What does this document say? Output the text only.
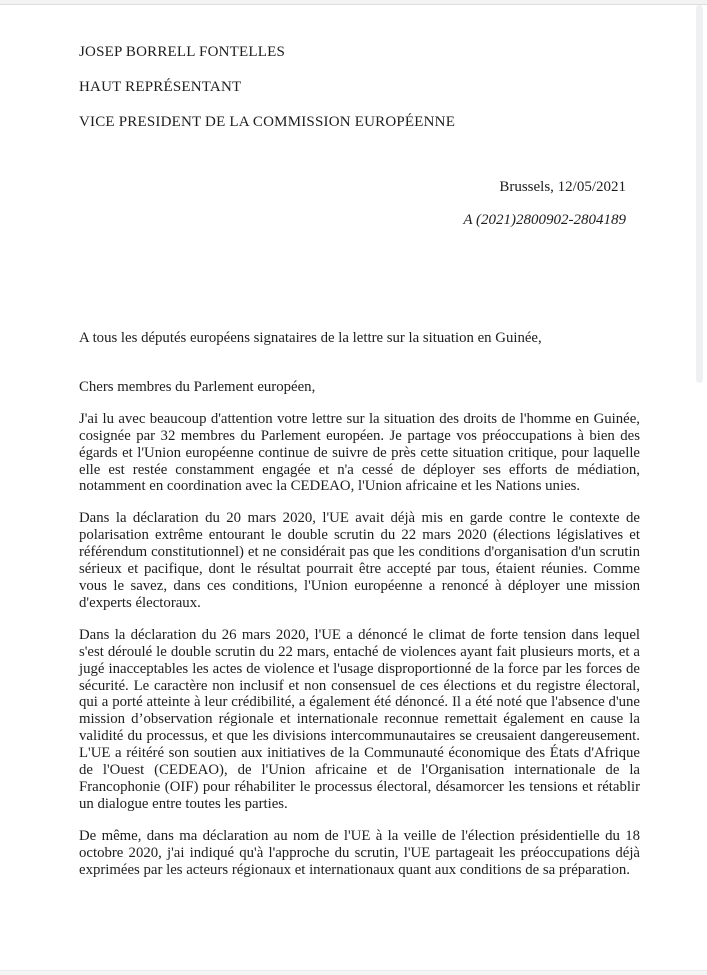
JOSEP BORRELL FONTELLES
HAUT REPRÉSENTANT
VICE PRESIDENT DE LA COMMISSION EUROPÉENNE
Brussels, 12/05/2021
A (2021)2800902-2804189
A tous les députés européens signataires de la lettre sur la situation en Guinée,
Chers membres du Parlement européen,

J'ai lu avec beaucoup d'attention votre lettre sur la situation des droits de l'homme en Guinée, cosignée par 32 membres du Parlement européen. Je partage vos préoccupations à bien des égards et l'Union européenne continue de suivre de près cette situation critique, pour laquelle elle est restée constamment engagée et n'a cessé de déployer ses efforts de médiation, notamment en coordination avec la CEDEAO, l'Union africaine et les Nations unies.

Dans la déclaration du 20 mars 2020, l'UE avait déjà mis en garde contre le contexte de polarisation extrême entourant le double scrutin du 22 mars 2020 (élections législatives et référendum constitutionnel) et ne considérait pas que les conditions d'organisation d'un scrutin sérieux et pacifique, dont le résultat pourrait être accepté par tous, étaient réunies. Comme vous le savez, dans ces conditions, l'Union européenne a renoncé à déployer une mission d'experts électoraux.

Dans la déclaration du 26 mars 2020, l'UE a dénoncé le climat de forte tension dans lequel s'est déroulé le double scrutin du 22 mars, entaché de violences ayant fait plusieurs morts, et a jugé inacceptables les actes de violence et l'usage disproportionné de la force par les forces de sécurité. Le caractère non inclusif et non consensuel de ces élections et du registre électoral, qui a porté atteinte à leur crédibilité, a également été dénoncé. Il a été noté que l'absence d'une mission d’observation régionale et internationale reconnue remettait également en cause la validité du processus, et que les divisions intercommunautaires se creusaient dangereusement. L'UE a réitéré son soutien aux initiatives de la Communauté économique des États d'Afrique de l'Ouest (CEDEAO), de l'Union africaine et de l'Organisation internationale de la Francophonie (OIF) pour réhabiliter le processus électoral, désamorcer les tensions et rétablir un dialogue entre toutes les parties.

De même, dans ma déclaration au nom de l'UE à la veille de l'élection présidentielle du 18 octobre 2020, j'ai indiqué qu'à l'approche du scrutin, l'UE partageait les préoccupations déjà exprimées par les acteurs régionaux et internationaux quant aux conditions de sa préparation.
